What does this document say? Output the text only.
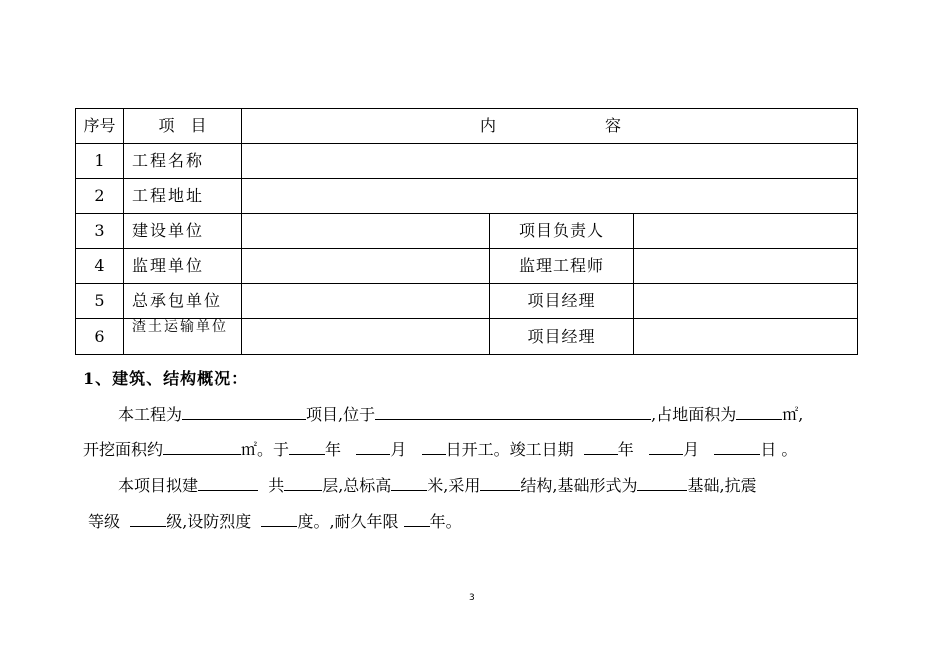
序号	项　目	内 容		

1	工程名称			
2	工程地址			
3	建设单位		项目负责人	
4	监理单位		监理工程师	
5	总承包单位		项目经理	
6	渣土运输单位		项目经理	
1、建筑、结构概况：
本工程为	项目,位于	,占地面积为	㎡,
开挖面积约	㎡。于 年	月 日开工。竣工日期	年	月	日 。
本项目拟建	共 层,总标高 米,采用	结构,基础形式为	基础,抗震
等级	级,设防烈度	度。,耐久年限 年。
3
